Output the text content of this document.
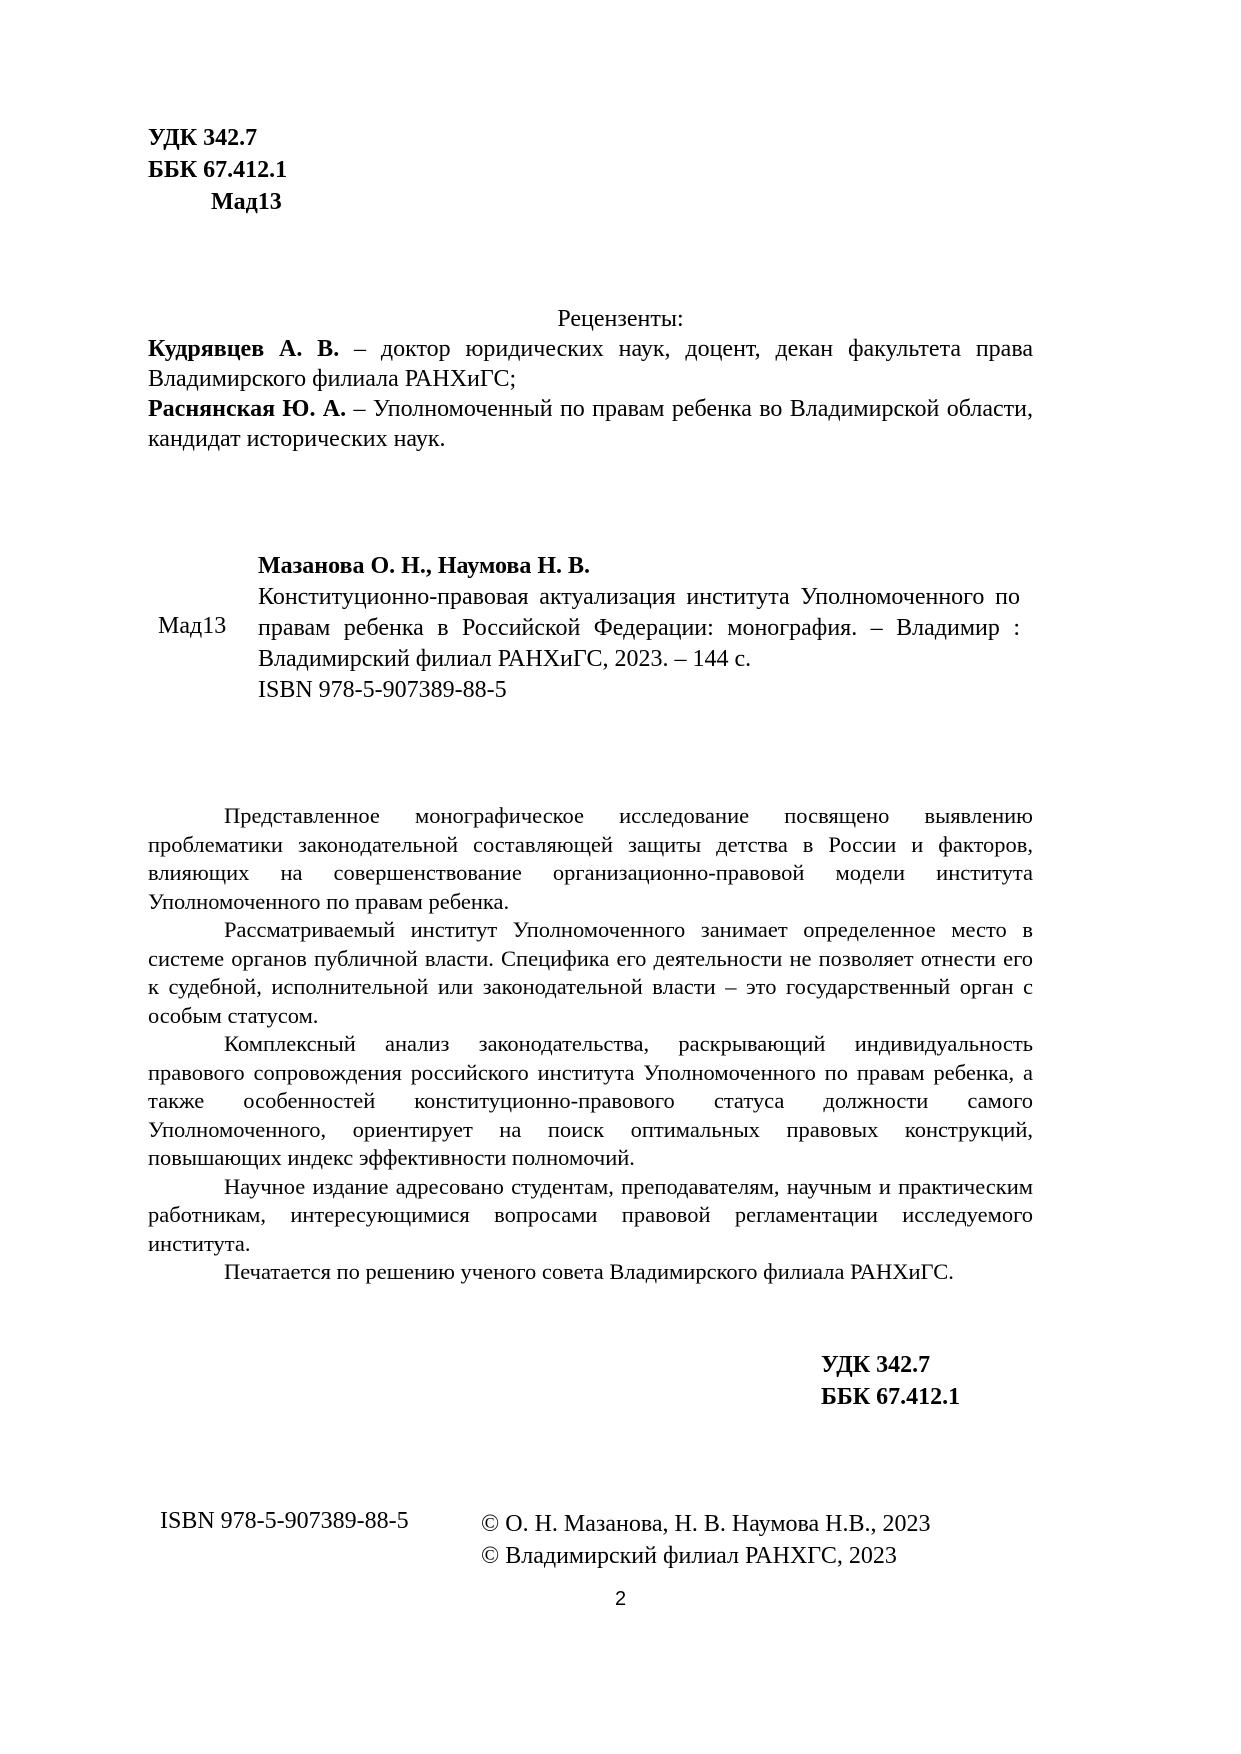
УДК 342.7
ББК 67.412.1
Мад13
Рецензенты:

Кудрявцев А. В. – доктор юридических наук, доцент, декан факультета права Владимирского филиала РАНХиГС;

Раснянская Ю. А. – Уполномоченный по правам ребенка во Владимирской области, кандидат исторических наук.

Мад13

Мазанова О. Н., Наумова Н. В.

Конституционно-правовая актуализация института Уполномоченного по правам ребенка в Российской Федерации: монография. – Владимир : Владимирский филиал РАНХиГС, 2023. – 144 с.

ISBN 978-5-907389-88-5

Представленное монографическое исследование посвящено выявлению проблематики законодательной составляющей защиты детства в России и факторов, влияющих на совершенствование организационно-правовой модели института Уполномоченного по правам ребенка.

Рассматриваемый институт Уполномоченного занимает определенное место в системе органов публичной власти. Специфика его деятельности не позволяет отнести его к судебной, исполнительной или законодательной власти – это государственный орган с особым статусом.

Комплексный анализ законодательства, раскрывающий индивидуальность правового сопровождения российского института Уполномоченного по правам ребенка, а также особенностей конституционно-правового статуса должности самого Уполномоченного, ориентирует на поиск оптимальных правовых конструкций, повышающих индекс эффективности полномочий.

Научное издание адресовано студентам, преподавателям, научным и практическим работникам, интересующимися вопросами правовой регламентации исследуемого института.

Печатается по решению ученого совета Владимирского филиала РАНХиГС.

УДК 342.7
ББК 67.412.1
ISBN 978-5-907389-88-5	© О. Н. Мазанова, Н. В. Наумова Н.В., 2023
© Владимирский филиал РАНХГС, 2023
2
